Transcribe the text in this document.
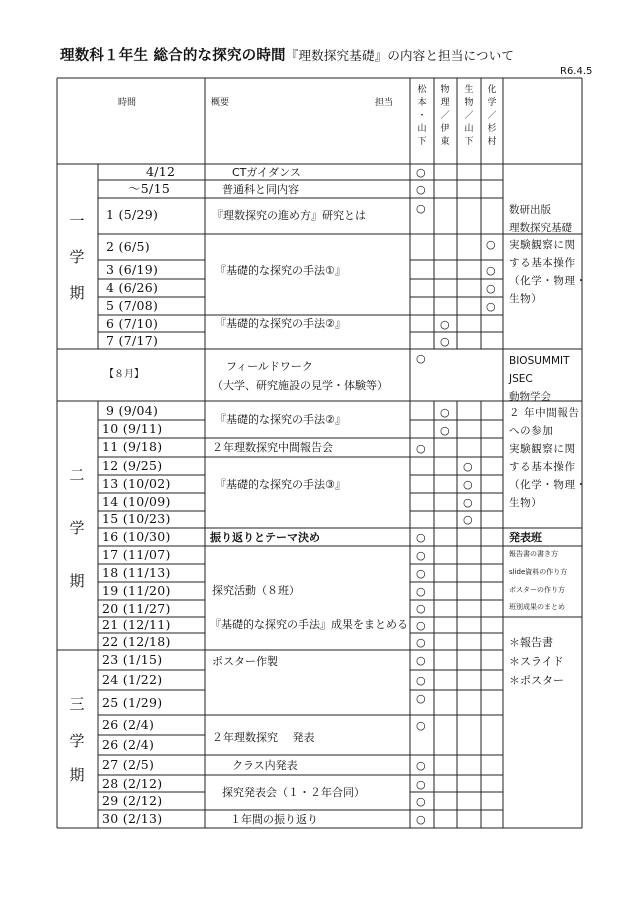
理数科１年生 総合的な探究の時間『理数探究基礎』の内容と担当について
R6.4.5
時間	概要	担当
松
本
・
山
下
物
理
／
伊
東
生
物
／
山
下
化
学
／
杉
村
一
学
期
【８月】
二
学
期
三
学
期
4/12
～5/15
1 (5/29)
2 (6/5)
3 (6/19)
4 (6/26)
5 (7/08)
6 (7/10)
7 (7/17)
9 (9/04)
10 (9/11)
11 (9/18)
12 (9/25)
13 (10/02)
14 (10/09)
15 (10/23)
16 (10/30)
17 (11/07)
18 (11/13)
19 (11/20)
20 (11/27)
21 (12/11)
22 (12/18)
23 (1/15)
24 (1/22)
25 (1/29)
26 (2/4)
26 (2/4)
27 (2/5)
28 (2/12)
29 (2/12)
30 (2/13)
CTガイダンス
普通科と同内容
『理数探究の進め方』研究とは
『基礎的な探究の手法①』
『基礎的な探究の手法②』
フィールドワーク
（大学、研究施設の見学・体験等）
『基礎的な探究の手法②』
２年理数探究中間報告会
『基礎的な探究の手法③』
振り返りとテーマ決め
探究活動（８班）
『基礎的な探究の手法』成果をまとめる
ポスター作製
２年理数探究　 発表
クラス内発表
探究発表会（１・２年合同）
１年間の振り返り
○
○
○
○
○
○
○
○
○
○
○
○
○
○
○
○
○
○
○
○
○
○
○
○
○
○
○
○
○
○
○
○
数研出版
理数探究基礎
実験観察に関
する基本操作
（化学・物理・
生物）
BIOSUMMIT
JSEC
動物学会
２ 年中間報告
への参加
実験観察に関
する基本操作
（化学・物理・
生物）
発表班
報告書の書き方
slide資料の作り方
ポスターの作り方
班別成果のまとめ
＊報告書
＊スライド
＊ポスター
